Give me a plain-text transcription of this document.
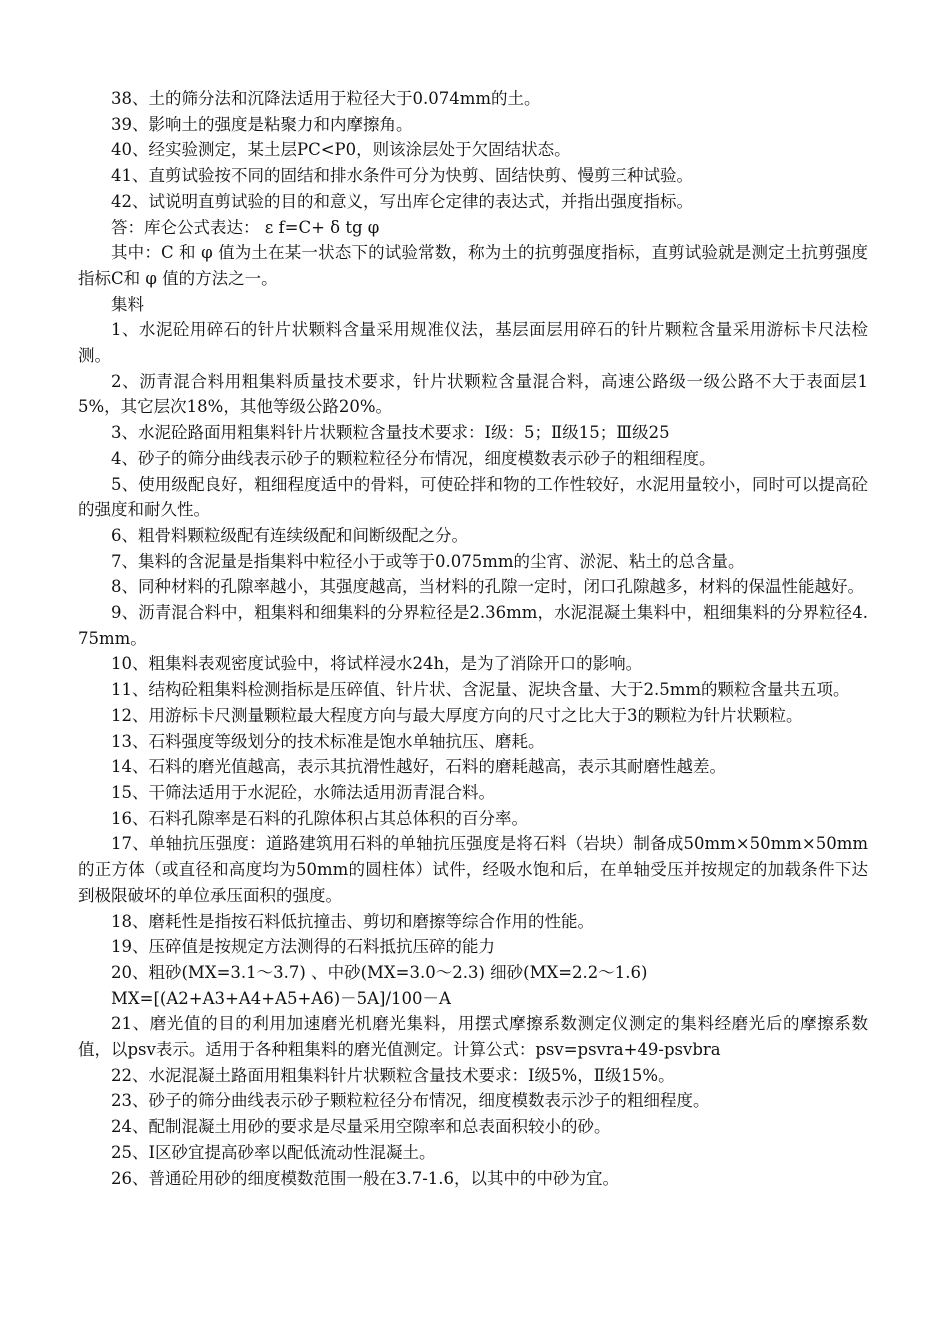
38、土的筛分法和沉降法适用于粒径大于0.074mm的土。

39、影响土的强度是粘聚力和内摩擦角。

40、经实验测定，某土层PC<P0，则该涂层处于欠固结状态。

41、直剪试验按不同的固结和排水条件可分为快剪、固结快剪、慢剪三种试验。

42、试说明直剪试验的目的和意义，写出库仑定律的表达式，并指出强度指标。

答：库仑公式表达： ε f=C+ δ tg φ

其中：C 和 φ 值为土在某一状态下的试验常数，称为土的抗剪强度指标，直剪试验就是测定土抗剪强度指标C和 φ 值的方法之一。

集料

1、水泥砼用碎石的针片状颗料含量采用规准仪法，基层面层用碎石的针片颗粒含量采用游标卡尺法检测。

2、沥青混合料用粗集料质量技术要求，针片状颗粒含量混合料，高速公路级一级公路不大于表面层15%，其它层次18%，其他等级公路20%。

3、水泥砼路面用粗集料针片状颗粒含量技术要求：Ⅰ级：5；Ⅱ级15；Ⅲ级25

4、砂子的筛分曲线表示砂子的颗粒粒径分布情况，细度模数表示砂子的粗细程度。

5、使用级配良好，粗细程度适中的骨料，可使砼拌和物的工作性较好，水泥用量较小，同时可以提高砼的强度和耐久性。

6、粗骨料颗粒级配有连续级配和间断级配之分。

7、集料的含泥量是指集料中粒径小于或等于0.075mm的尘宵、淤泥、粘土的总含量。

8、同种材料的孔隙率越小，其强度越高，当材料的孔隙一定时，闭口孔隙越多，材料的保温性能越好。

9、沥青混合料中，粗集料和细集料的分界粒径是2.36mm，水泥混凝土集料中，粗细集料的分界粒径4.75mm。

10、粗集料表观密度试验中，将试样浸水24h，是为了消除开口的影响。

11、结构砼粗集料检测指标是压碎值、针片状、含泥量、泥块含量、大于2.5mm的颗粒含量共五项。

12、用游标卡尺测量颗粒最大程度方向与最大厚度方向的尺寸之比大于3的颗粒为针片状颗粒。

13、石料强度等级划分的技术标准是饱水单轴抗压、磨耗。

14、石料的磨光值越高，表示其抗滑性越好，石料的磨耗越高，表示其耐磨性越差。

15、干筛法适用于水泥砼，水筛法适用沥青混合料。

16、石料孔隙率是石料的孔隙体积占其总体积的百分率。

17、单轴抗压强度：道路建筑用石料的单轴抗压强度是将石料（岩块）制备成50mm×50mm×50mm的正方体（或直径和高度均为50mm的圆柱体）试件，经吸水饱和后，在单轴受压并按规定的加载条件下达到极限破坏的单位承压面积的强度。

18、磨耗性是指按石料低抗撞击、剪切和磨擦等综合作用的性能。

19、压碎值是按规定方法测得的石料抵抗压碎的能力

20、粗砂(MX=3.1～3.7) 、中砂(MX=3.0～2.3) 细砂(MX=2.2～1.6)

MX=[(A2+A3+A4+A5+A6)－5A]/100－A

21、磨光值的目的利用加速磨光机磨光集料，用摆式摩擦系数测定仪测定的集料经磨光后的摩擦系数值，以psv表示。适用于各种粗集料的磨光值测定。计算公式：psv=psvra+49-psvbra

22、水泥混凝土路面用粗集料针片状颗粒含量技术要求：Ⅰ级5%，Ⅱ级15%。

23、砂子的筛分曲线表示砂子颗粒粒径分布情况，细度模数表示沙子的粗细程度。

24、配制混凝土用砂的要求是尽量采用空隙率和总表面积较小的砂。

25、Ⅰ区砂宜提高砂率以配低流动性混凝土。

26、普通砼用砂的细度模数范围一般在3.7-1.6，以其中的中砂为宜。
